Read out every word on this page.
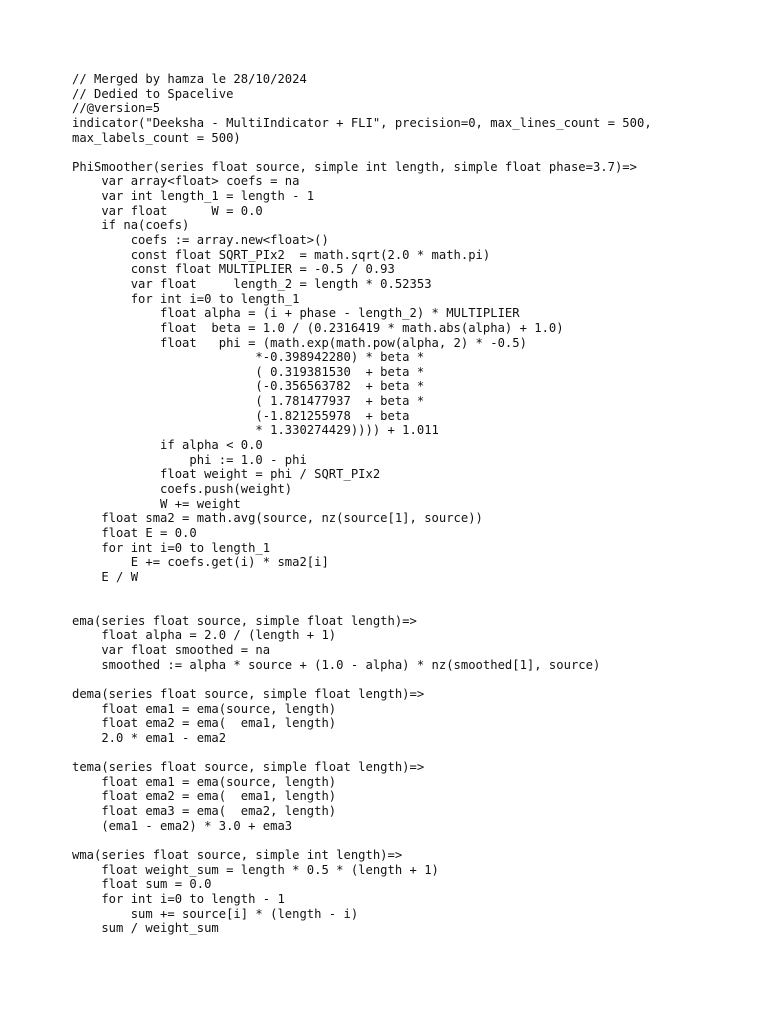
// Merged by hamza le 28/10/2024
// Dedied to Spacelive
//@version=5
indicator("Deeksha - MultiIndicator + FLI", precision=0, max_lines_count = 500,
max_labels_count = 500)
PhiSmoother(series float source, simple int length, simple float phase=3.7)=>
var array<float> coefs = na
var int length_1 = length - 1
var float      W = 0.0
if na(coefs)
coefs := array.new<float>()
const float SQRT_PIx2  = math.sqrt(2.0 * math.pi)
const float MULTIPLIER = -0.5 / 0.93
var float     length_2 = length * 0.52353
for int i=0 to length_1
float alpha = (i + phase - length_2) * MULTIPLIER
float  beta = 1.0 / (0.2316419 * math.abs(alpha) + 1.0)
float   phi = (math.exp(math.pow(alpha, 2) * -0.5)
*-0.398942280) * beta *
( 0.319381530  + beta *
(-0.356563782  + beta *
( 1.781477937  + beta *
(-1.821255978  + beta
* 1.330274429)))) + 1.011
if alpha < 0.0
phi := 1.0 - phi
float weight = phi / SQRT_PIx2
coefs.push(weight)
W += weight
float sma2 = math.avg(source, nz(source[1], source))
float E = 0.0
for int i=0 to length_1
E += coefs.get(i) * sma2[i]
E / W
ema(series float source, simple float length)=>
float alpha = 2.0 / (length + 1)
var float smoothed = na
smoothed := alpha * source + (1.0 - alpha) * nz(smoothed[1], source)
dema(series float source, simple float length)=>
float ema1 = ema(source, length)
float ema2 = ema(  ema1, length)
2.0 * ema1 - ema2
tema(series float source, simple float length)=>
float ema1 = ema(source, length)
float ema2 = ema(  ema1, length)
float ema3 = ema(  ema2, length)
(ema1 - ema2) * 3.0 + ema3
wma(series float source, simple int length)=>
float weight_sum = length * 0.5 * (length + 1)
float sum = 0.0
for int i=0 to length - 1
sum += source[i] * (length - i)
sum / weight_sum
